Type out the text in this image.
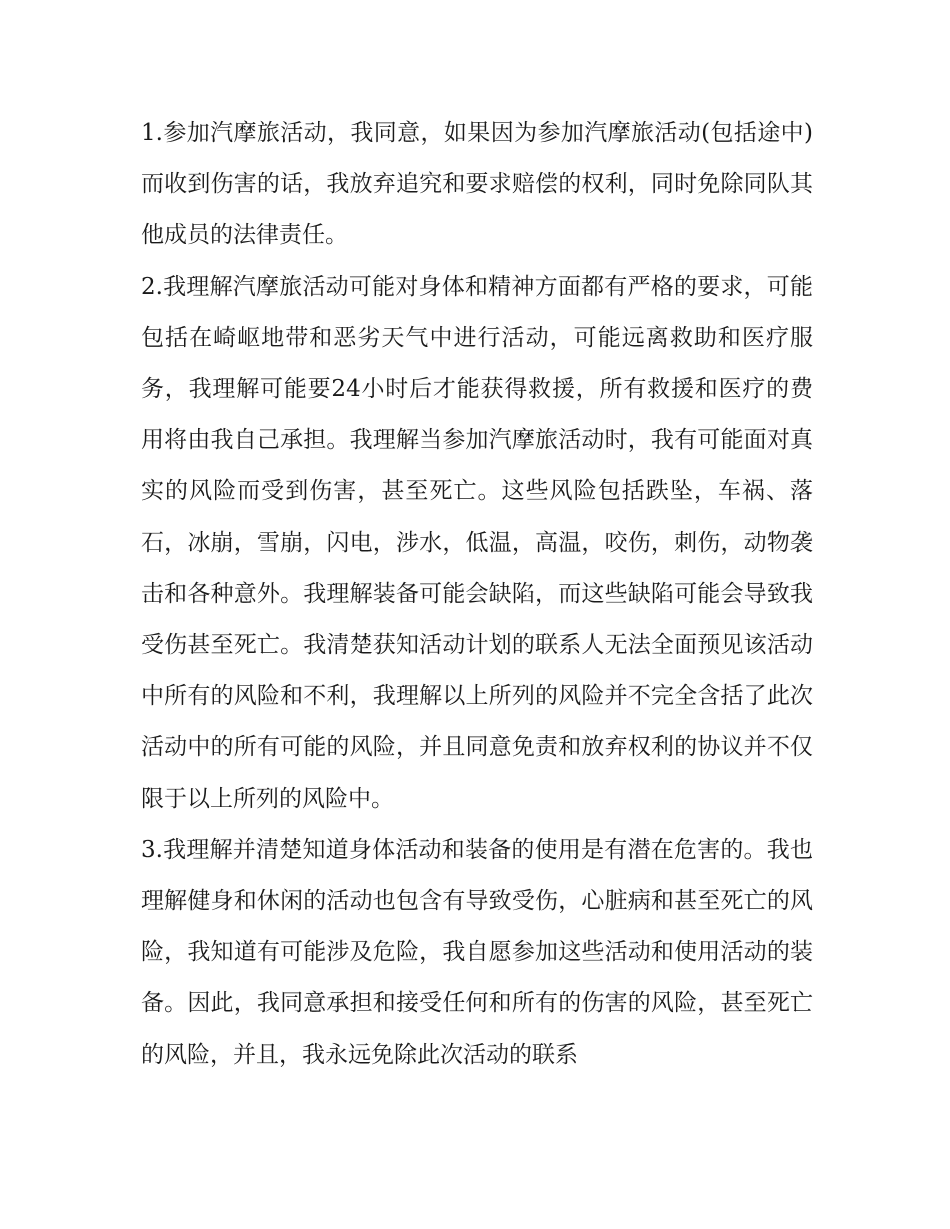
1.参加汽摩旅活动，我同意，如果因为参加汽摩旅活动(包括途中)而收到伤害的话，我放弃追究和要求赔偿的权利，同时免除同队其他成员的法律责任。

2.我理解汽摩旅活动可能对身体和精神方面都有严格的要求，可能包括在崎岖地带和恶劣天气中进行活动，可能远离救助和医疗服务，我理解可能要24小时后才能获得救援，所有救援和医疗的费用将由我自己承担。我理解当参加汽摩旅活动时，我有可能面对真实的风险而受到伤害，甚至死亡。这些风险包括跌坠，车祸、落石，冰崩，雪崩，闪电，涉水，低温，高温，咬伤，刺伤，动物袭击和各种意外。我理解装备可能会缺陷，而这些缺陷可能会导致我受伤甚至死亡。我清楚获知活动计划的联系人无法全面预见该活动中所有的风险和不利，我理解以上所列的风险并不完全含括了此次活动中的所有可能的风险，并且同意免责和放弃权利的协议并不仅限于以上所列的风险中。

3.我理解并清楚知道身体活动和装备的使用是有潜在危害的。我也理解健身和休闲的活动也包含有导致受伤，心脏病和甚至死亡的风险，我知道有可能涉及危险，我自愿参加这些活动和使用活动的装备。因此，我同意承担和接受任何和所有的伤害的风险，甚至死亡的风险，并且，我永远免除此次活动的联系
